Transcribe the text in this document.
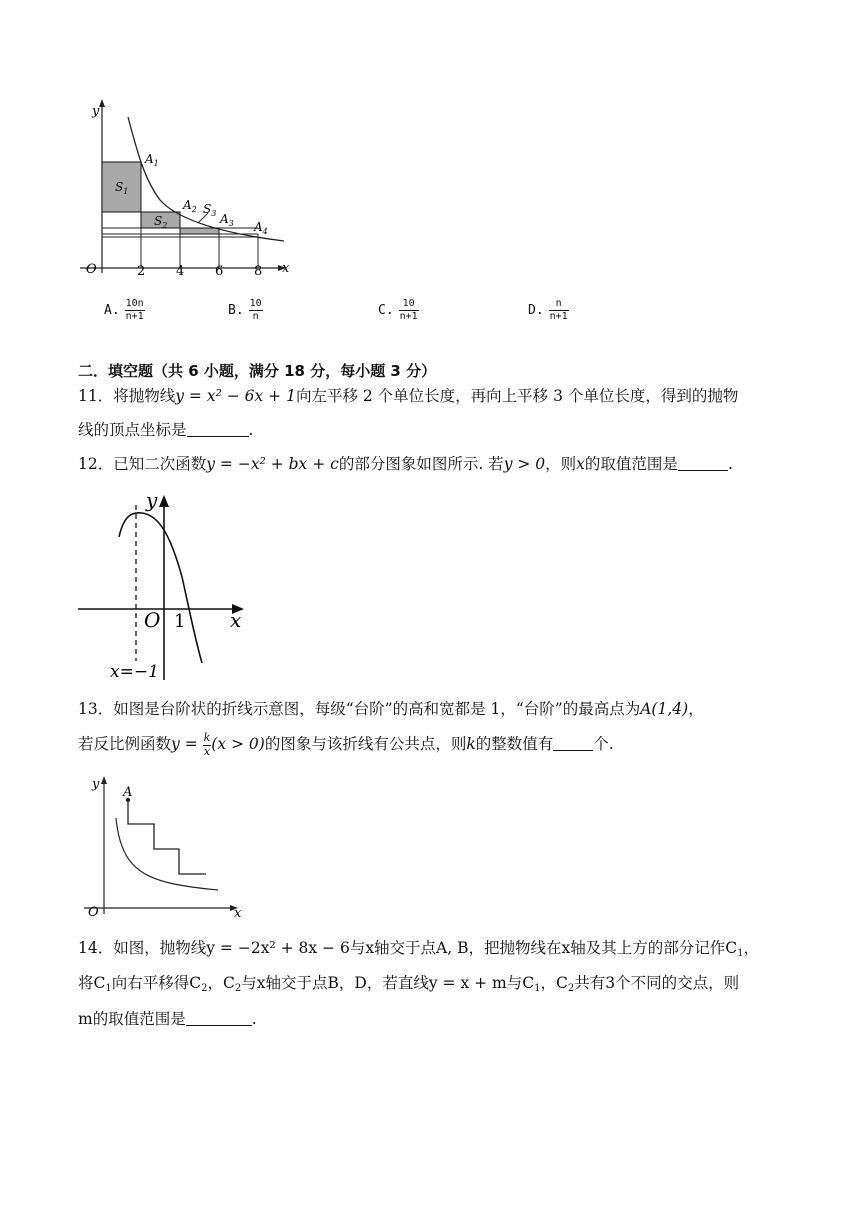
y
x
O	2 4 6 8
$A_1$
$A_2$
$A_3$ $A_4$
$S_1$
$S_2$
$S_3$
A. $\frac{10n}{n+1}$	B. $\frac{10}{n}$	C. $\frac{10}{n+1}$	D. $\frac{n}{n+1}$
二．填空题（共 6 小题，满分 18 分，每小题 3 分）
11．将抛物线y = x² − 6x + 1向左平移 2 个单位长度，再向上平移 3 个单位长度，得到的抛物
线的顶点坐标是	.
12．已知二次函数y = −x² + bx + c的部分图象如图所示. 若y > 0，则x的取值范围是	.
y
x
O 1
x=−1
13．如图是台阶状的折线示意图，每级“台阶”的高和宽都是 1，“台阶”的最高点为A(1,4)，
若反比例函数$y = \frac{k}{x} (x > 0)$的图象与该折线有公共点，则k的整数值有	个.
y
x
O
A
14．如图，抛物线y = −2x² + 8x − 6与x轴交于点A, B，把抛物线在x轴及其上方的部分记作$C_1$，
将$C_1$向右平移得$C_2$，$C_2$与x轴交于点B，D，若直线y = x + m与$C_1$，$C_2$共有3个不同的交点，则
m的取值范围是	.
